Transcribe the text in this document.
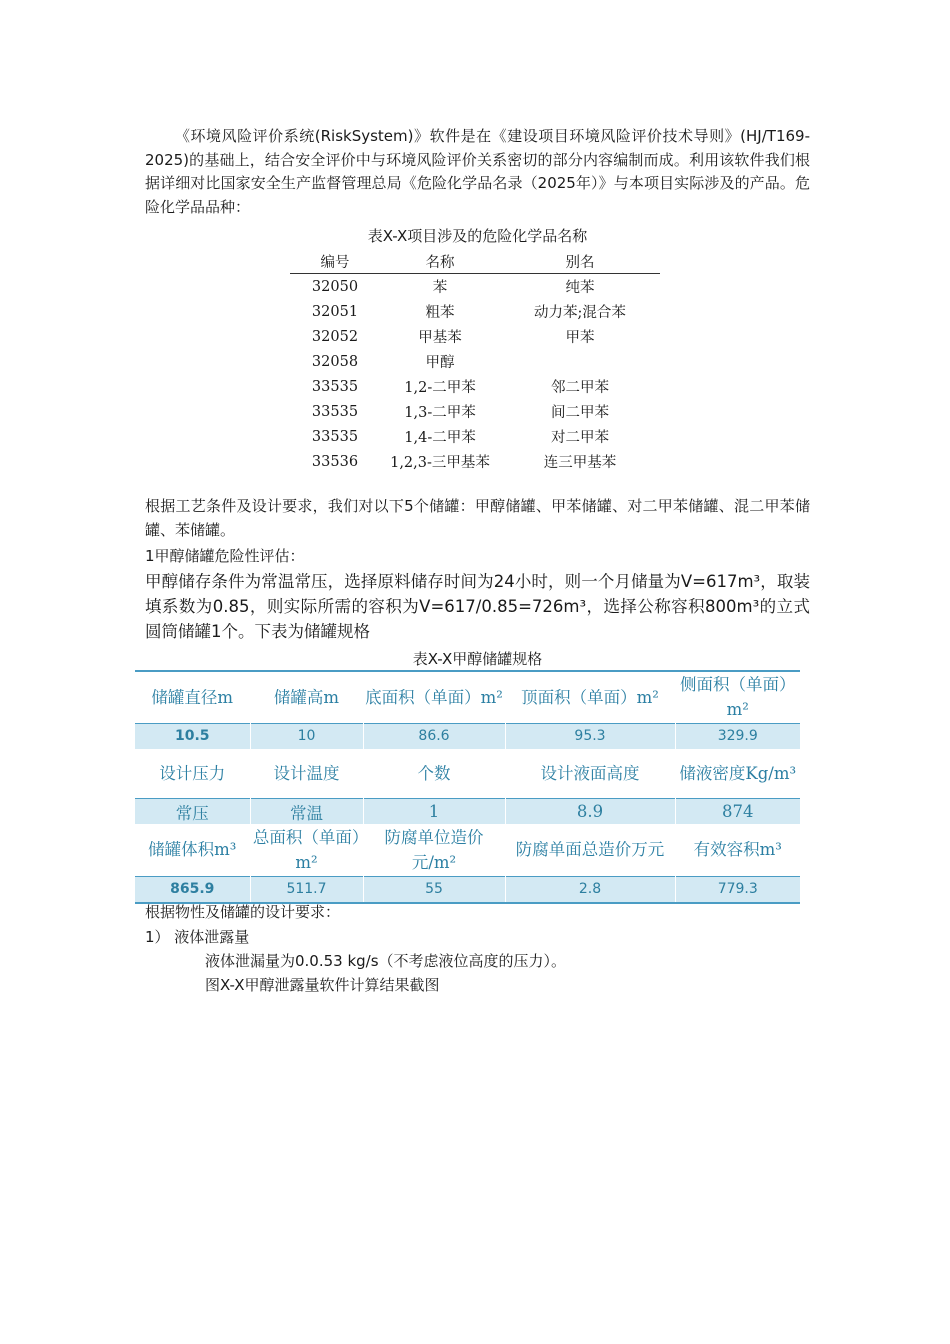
《环境风险评价系统(RiskSystem)》软件是在《建设项目环境风险评价技术导则》(HJ/T169-2025)的基础上，结合安全评价中与环境风险评价关系密切的部分内容编制而成。利用该软件我们根据详细对比国家安全生产监督管理总局《危险化学品名录（2025年）》与本项目实际涉及的产品。危险化学品品种：
表X-X项目涉及的危险化学品名称
根据工艺条件及设计要求，我们对以下5个储罐：甲醇储罐、甲苯储罐、对二甲苯储罐、混二甲苯储罐、苯储罐。
1甲醇储罐危险性评估：
甲醇储存条件为常温常压，选择原料储存时间为24小时，则一个月储量为V=617m³，取装填系数为0.85，则实际所需的容积为V=617/0.85=726m³，选择公称容积800m³的立式圆筒储罐1个。下表为储罐规格
表X-X甲醇储罐规格
储罐直径m	储罐高m	底面积（单面）m²	顶面积（单面）m²	侧面积（单面）m²
10.5	10	86.6	95.3	329.9
设计压力	设计温度	个数	设计液面高度	储液密度Kg/m³
常压	常温	1	8.9	874
储罐体积m³	总面积（单面）m²	防腐单位造价元/m²	防腐单面总造价万元	有效容积m³
865.9	511.7	55	2.8	779.3
根据物性及储罐的设计要求：
1） 液体泄露量
液体泄漏量为0.0.53 kg/s（不考虑液位高度的压力）。
图X-X甲醇泄露量软件计算结果截图
编号	名称	别名
32050	苯	纯苯
32051	粗苯	动力苯;混合苯
32052	甲基苯	甲苯
32058	甲醇
33535	1,2-二甲苯	邻二甲苯
33535	1,3-二甲苯	间二甲苯
33535	1,4-二甲苯	对二甲苯
33536	1,2,3-三甲基苯	连三甲基苯
